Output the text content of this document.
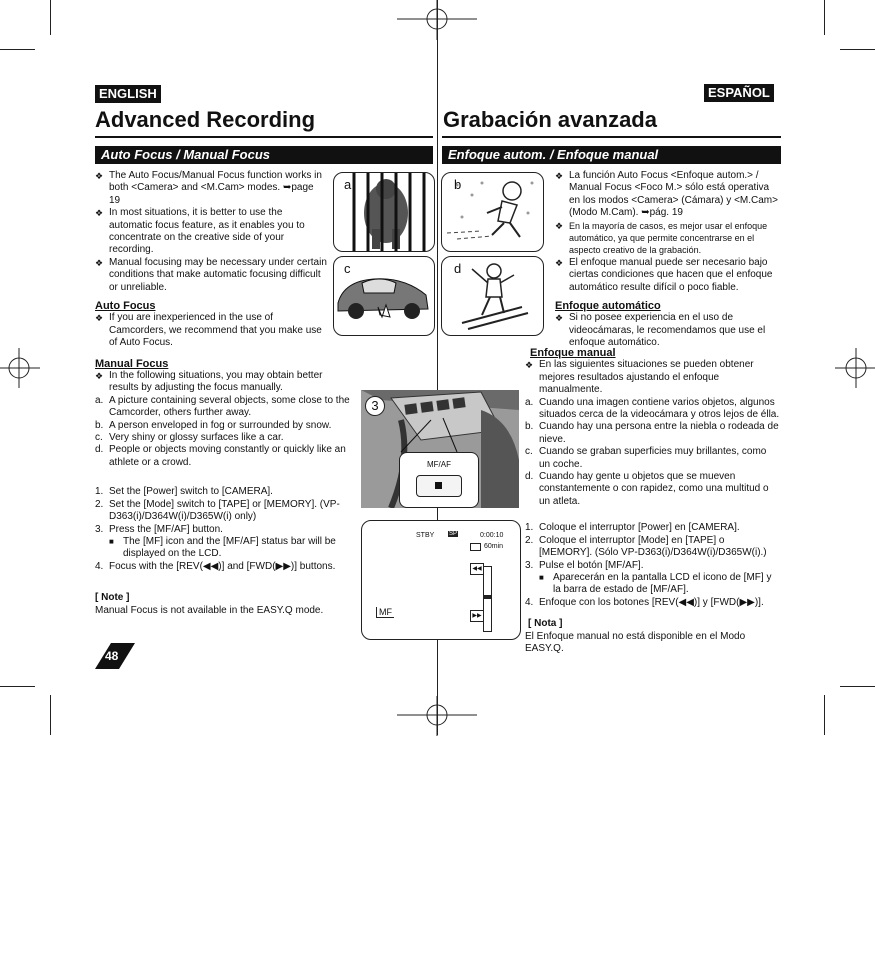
ENGLISH	ESPAÑOL
Advanced Recording	Grabación avanzada
Auto Focus / Manual Focus	Enfoque autom. / Enfoque manual

❖ The Auto Focus/Manual Focus function works in both <Camera> and <M.Cam> modes. ➥page 19

❖ In most situations, it is better to use the automatic focus feature, as it enables you to concentrate on the creative side of your recording.

❖ Manual focusing may be necessary under certain conditions that make automatic focusing difficult or unreliable.

Auto Focus

❖ If you are inexperienced in the use of Camcorders, we recommend that you make use of Auto Focus.

Manual Focus

❖ In the following situations, you may obtain better results by adjusting the focus manually.

a. A picture containing several objects, some close to the Camcorder, others further away.

b. A person enveloped in fog or surrounded by snow.

c. Very shiny or glossy surfaces like a car.

d. People or objects moving constantly or quickly like an athlete or a crowd.

1. Set the [Power] switch to [CAMERA].

2. Set the [Mode] switch to [TAPE] or [MEMORY]. (VP-D363(i)/D364W(i)/D365W(i) only)

3. Press the [MF/AF] button.

■ The [MF] icon and the [MF/AF] status bar will be displayed on the LCD.

4. Focus with the [REV(◀◀)] and [FWD(▶▶)] buttons.

[ Note ]

Manual Focus is not available in the EASY.Q mode.

48
a	b
c	d
MF/AF
3
STBY SP	0:00:10
60min
◀◀
▶▶
MF

❖ La función Auto Focus <Enfoque autom.> / Manual Focus <Foco M.> sólo está operativa en los modos <Camera> (Cámara) y <M.Cam> (Modo M.Cam). ➥pág. 19

❖ En la mayoría de casos, es mejor usar el enfoque automático, ya que permite concentrarse en el aspecto creativo de la grabación.

❖ El enfoque manual puede ser necesario bajo ciertas condiciones que hacen que el enfoque automático resulte difícil o poco fiable.

Enfoque automático

❖ Si no posee experiencia en el uso de videocámaras, le recomendamos que use el enfoque automático.

Enfoque manual

❖ En las siguientes situaciones se pueden obtener mejores resultados ajustando el enfoque manualmente.

a. Cuando una imagen contiene varios objetos, algunos situados cerca de la videocámara y otros lejos de élla.

b. Cuando hay una persona entre la niebla o rodeada de nieve.

c. Cuando se graban superficies muy brillantes, como un coche.

d. Cuando hay gente u objetos que se mueven constantemente o con rapidez, como una multitud o un atleta.

1. Coloque el interruptor [Power] en [CAMERA].

2. Coloque el interruptor [Mode] en [TAPE] o [MEMORY]. (Sólo VP-D363(i)/D364W(i)/D365W(i).)

3. Pulse el botón [MF/AF].

■ Aparecerán en la pantalla LCD el icono de [MF] y la barra de estado de [MF/AF].

4. Enfoque con los botones [REV(◀◀)] y [FWD(▶▶)].

[ Nota ]

El Enfoque manual no está disponible en el Modo EASY.Q.
